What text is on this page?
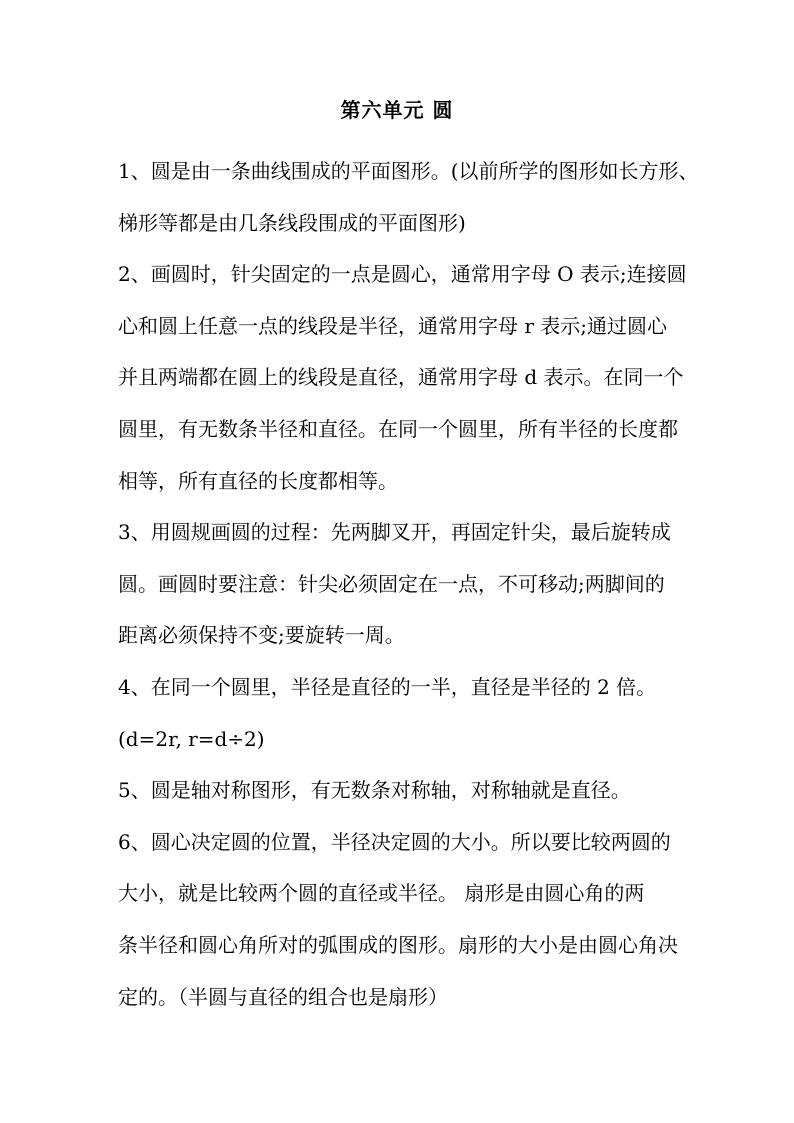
第六单元 圆

1、圆是由一条曲线围成的平面图形。(以前所学的图形如长方形、

梯形等都是由几条线段围成的平面图形)

2、画圆时，针尖固定的一点是圆心，通常用字母 O 表示;连接圆

心和圆上任意一点的线段是半径，通常用字母 r 表示;通过圆心

并且两端都在圆上的线段是直径，通常用字母 d 表示。在同一个

圆里，有无数条半径和直径。在同一个圆里，所有半径的长度都

相等，所有直径的长度都相等。

3、用圆规画圆的过程：先两脚叉开，再固定针尖，最后旋转成

圆。画圆时要注意：针尖必须固定在一点，不可移动;两脚间的

距离必须保持不变;要旋转一周。

4、在同一个圆里，半径是直径的一半，直径是半径的 2 倍。

(d=2r, r=d÷2)

5、圆是轴对称图形，有无数条对称轴，对称轴就是直径。

6、圆心决定圆的位置，半径决定圆的大小。所以要比较两圆的

大小，就是比较两个圆的直径或半径。 扇形是由圆心角的两

条半径和圆心角所对的弧围成的图形。扇形的大小是由圆心角决

定的。（半圆与直径的组合也是扇形）
